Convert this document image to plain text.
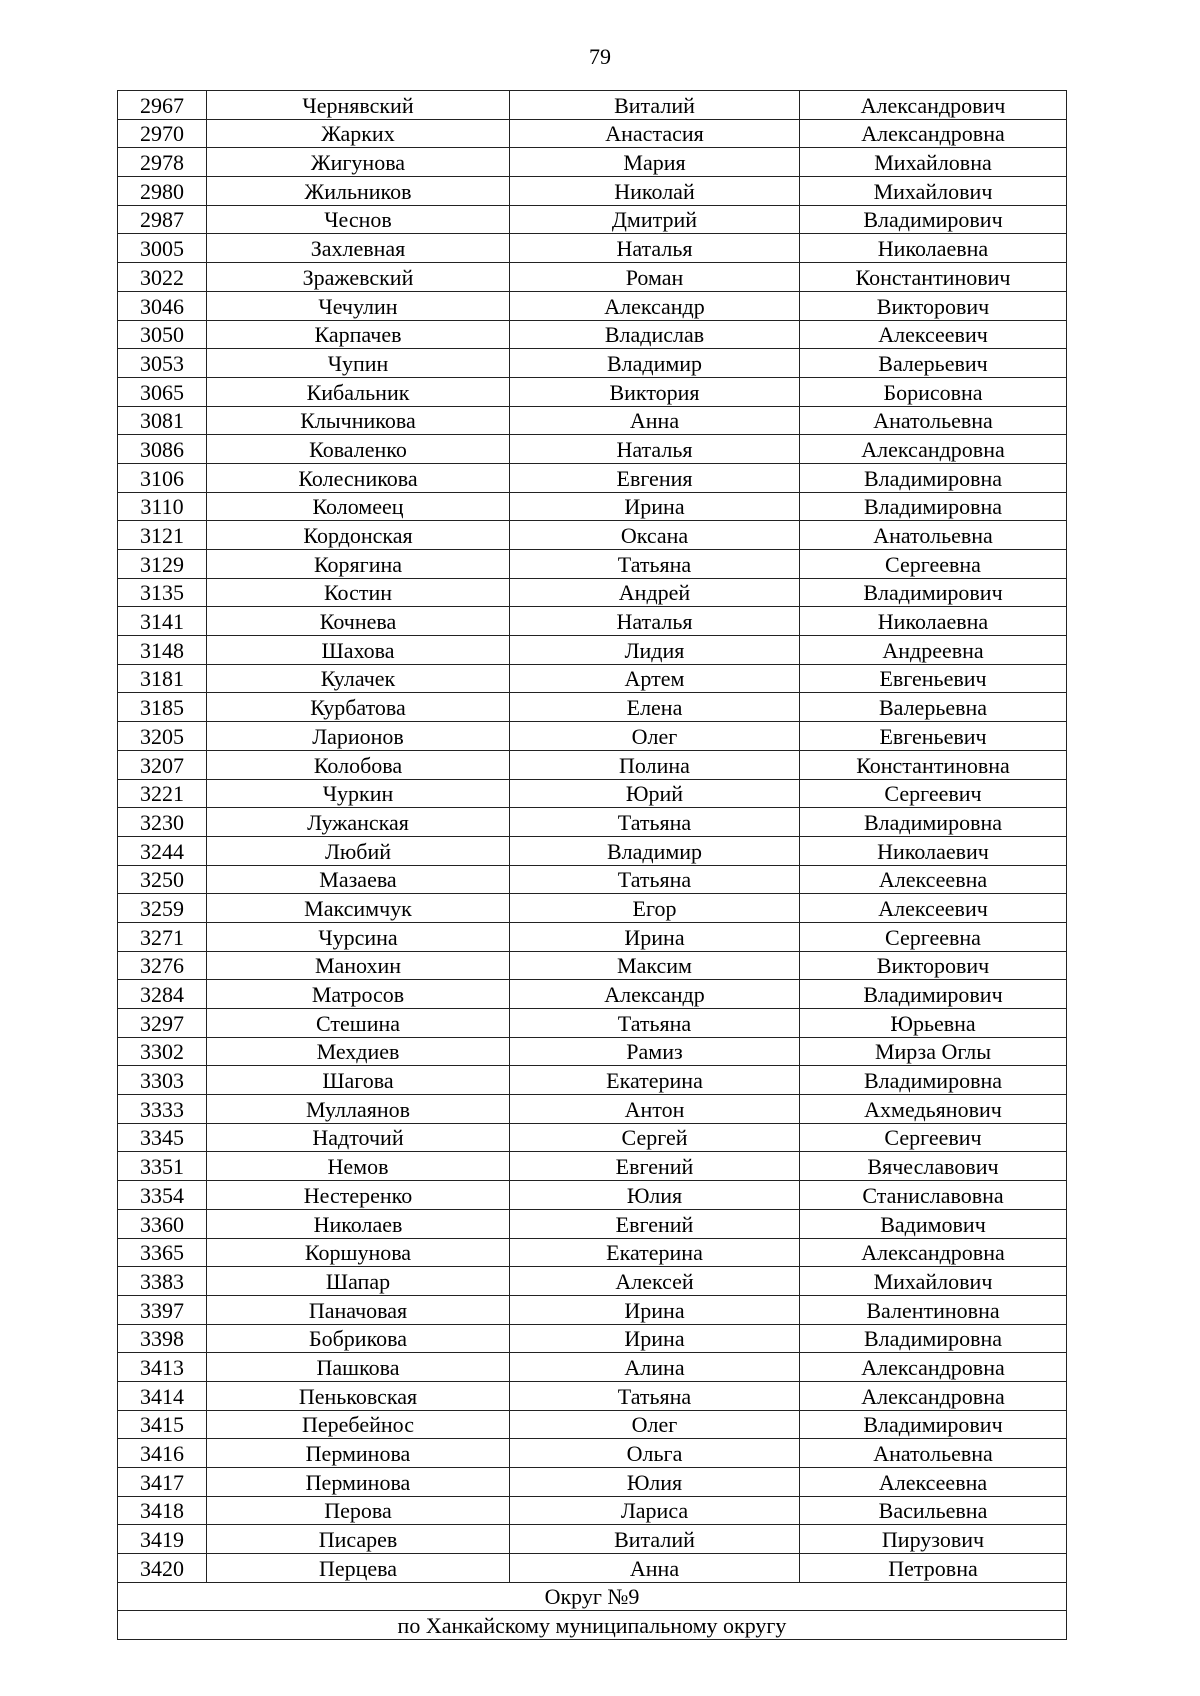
79
2967	Чернявский	Виталий	Александрович
2970	Жарких	Анастасия	Александровна
2978	Жигунова	Мария	Михайловна
2980	Жильников	Николай	Михайлович
2987	Чеснов	Дмитрий	Владимирович
3005	Захлевная	Наталья	Николаевна
3022	Зражевский	Роман	Константинович
3046	Чечулин	Александр	Викторович
3050	Карпачев	Владислав	Алексеевич
3053	Чупин	Владимир	Валерьевич
3065	Кибальник	Виктория	Борисовна
3081	Клычникова	Анна	Анатольевна
3086	Коваленко	Наталья	Александровна
3106	Колесникова	Евгения	Владимировна
3110	Коломеец	Ирина	Владимировна
3121	Кордонская	Оксана	Анатольевна
3129	Корягина	Татьяна	Сергеевна
3135	Костин	Андрей	Владимирович
3141	Кочнева	Наталья	Николаевна
3148	Шахова	Лидия	Андреевна
3181	Кулачек	Артем	Евгеньевич
3185	Курбатова	Елена	Валерьевна
3205	Ларионов	Олег	Евгеньевич
3207	Колобова	Полина	Константиновна
3221	Чуркин	Юрий	Сергеевич
3230	Лужанская	Татьяна	Владимировна
3244	Любий	Владимир	Николаевич
3250	Мазаева	Татьяна	Алексеевна
3259	Максимчук	Егор	Алексеевич
3271	Чурсина	Ирина	Сергеевна
3276	Манохин	Максим	Викторович
3284	Матросов	Александр	Владимирович
3297	Стешина	Татьяна	Юрьевна
3302	Мехдиев	Рамиз	Мирза Оглы
3303	Шагова	Екатерина	Владимировна
3333	Муллаянов	Антон	Ахмедьянович
3345	Надточий	Сергей	Сергеевич
3351	Немов	Евгений	Вячеславович
3354	Нестеренко	Юлия	Станиславовна
3360	Николаев	Евгений	Вадимович
3365	Коршунова	Екатерина	Александровна
3383	Шапар	Алексей	Михайлович
3397	Паначовая	Ирина	Валентиновна
3398	Бобрикова	Ирина	Владимировна
3413	Пашкова	Алина	Александровна
3414	Пеньковская	Татьяна	Александровна
3415	Перебейнос	Олег	Владимирович
3416	Перминова	Ольга	Анатольевна
3417	Перминова	Юлия	Алексеевна
3418	Перова	Лариса	Васильевна
3419	Писарев	Виталий	Пирузович
3420	Перцева	Анна	Петровна
Округ №9			
по Ханкайскому муниципальному округу			
